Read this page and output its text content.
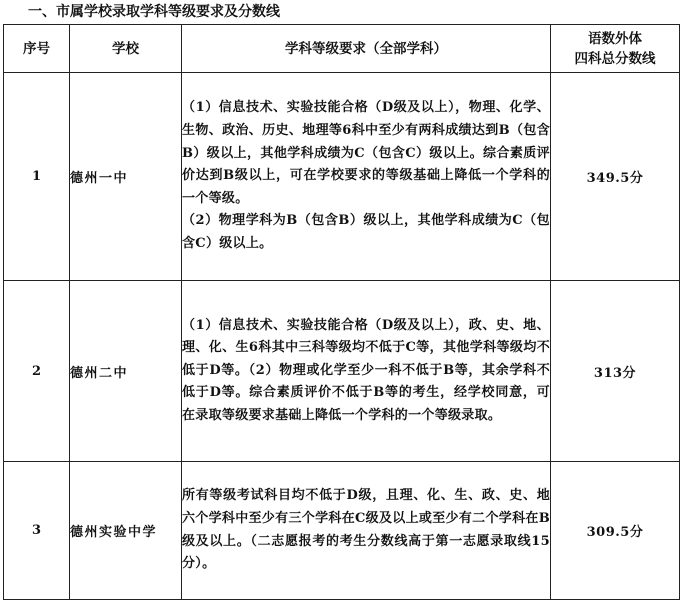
一、市属学校录取学科等级要求及分数线
序号	学校	学科等级要求（全部学科）	语数外体
四科总分数线

1	德州一中	（1）信息技术、实验技能合格（D级及以上），物理、化学、生物、政治、历史、地理等6科中至少有两科成绩达到B（包含B）级以上，其他学科成绩为C（包含C）级以上。综合素质评价达到B级以上，可在学校要求的等级基础上降低一个学科的一个等级。

（2）物理学科为B（包含B）级以上，其他学科成绩为C（包含C）级以上。	349.5分
2	德州二中	（1）信息技术、实验技能合格（D级及以上），政、史、地、理、化、生6科其中三科等级均不低于C等，其他学科等级均不低于D等。（2）物理或化学至少一科不低于B等，其余学科不低于D等。综合素质评价不低于B等的考生，经学校同意，可在录取等级要求基础上降低一个学科的一个等级录取。	313分
3	德州实验中学	所有等级考试科目均不低于D级，且理、化、生、政、史、地六个学科中至少有三个学科在C级及以上或至少有二个学科在B级及以上。（二志愿报考的考生分数线高于第一志愿录取线15分）。	309.5分
